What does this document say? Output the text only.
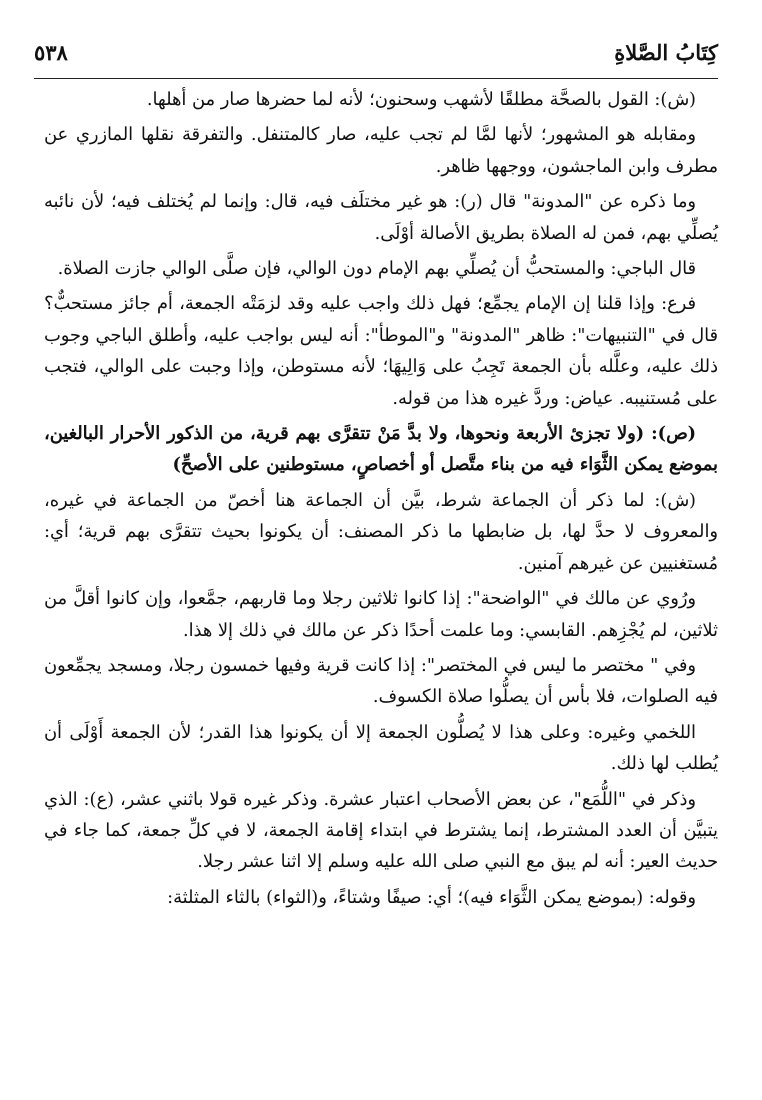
كِتَابُ الصَّلاةِ
٥٣٨

(ش): القول بالصحَّة مطلقًا لأشهب وسحنون؛ لأنه لما حضرها صار من أهلها.

ومقابله هو المشهور؛ لأنها لمَّا لم تجب عليه، صار كالمتنفل. والتفرقة نقلها المازري عن مطرف وابن الماجشون، ووجهها ظاهر.

وما ذكره عن "المدونة" قال (ر): هو غير مختلَف فيه، قال: وإنما لم يُختلف فيه؛ لأن نائبه يُصلِّي بهم، فمن له الصلاة بطريق الأصالة أوْلَى.

قال الباجي: والمستحبُّ أن يُصلِّي بهم الإمام دون الوالي، فإن صلَّى الوالي جازت الصلاة.

فرع: وإذا قلنا إن الإمام يجمِّع؛ فهل ذلك واجب عليه وقد لزمَتْه الجمعة، أم جائز مستحبٌّ؟ قال في "التنبيهات": ظاهر "المدونة" و"الموطأ": أنه ليس بواجب عليه، وأطلق الباجي وجوب ذلك عليه، وعلَّله بأن الجمعة تَجِبُ على وَالِيهَا؛ لأنه مستوطن، وإذا وجبت على الوالي، فتجب على مُستنيبه. عياض: وردَّ غيره هذا من قوله.

(ص): (ولا تجزئ الأربعة ونحوها، ولا بدَّ مَنْ تتقرَّى بهم قرية، من الذكور الأحرار البالغين، بموضع يمكن الثَّوَاء فيه من بناء متَّصل أو أخصاصٍ، مستوطنين على الأصحِّ)

(ش): لما ذكر أن الجماعة شرط، بيَّن أن الجماعة هنا أخصّ من الجماعة في غيره، والمعروف لا حدَّ لها، بل ضابطها ما ذكر المصنف: أن يكونوا بحيث تتقرَّى بهم قرية؛ أي: مُستغنيين عن غيرهم آمنين.

ورُوي عن مالك في "الواضحة": إذا كانوا ثلاثين رجلا وما قاربهم، جمَّعوا، وإن كانوا أقلَّ من ثلاثين، لم يُجْزِهم. القابسي: وما علمت أحدًا ذكر عن مالك في ذلك إلا هذا.

وفي " مختصر ما ليس في المختصر": إذا كانت قرية وفيها خمسون رجلا، ومسجد يجمِّعون فيه الصلوات، فلا بأس أن يصلُّوا صلاة الكسوف.

اللخمي وغيره: وعلى هذا لا يُصلُّون الجمعة إلا أن يكونوا هذا القدر؛ لأن الجمعة أَوْلَى أن يُطلب لها ذلك.

وذكر في "اللُّمَع"، عن بعض الأصحاب اعتبار عشرة. وذكر غيره قولا باثني عشر، (ع): الذي يتبيَّن أن العدد المشترط، إنما يشترط في ابتداء إقامة الجمعة، لا في كلِّ جمعة، كما جاء في حديث العير: أنه لم يبق مع النبي صلى الله عليه وسلم إلا اثنا عشر رجلا.

وقوله: (بموضع يمكن الثَّوَاء فيه)؛ أي: صيفًا وشتاءً، و(الثواء) بالثاء المثلثة:
